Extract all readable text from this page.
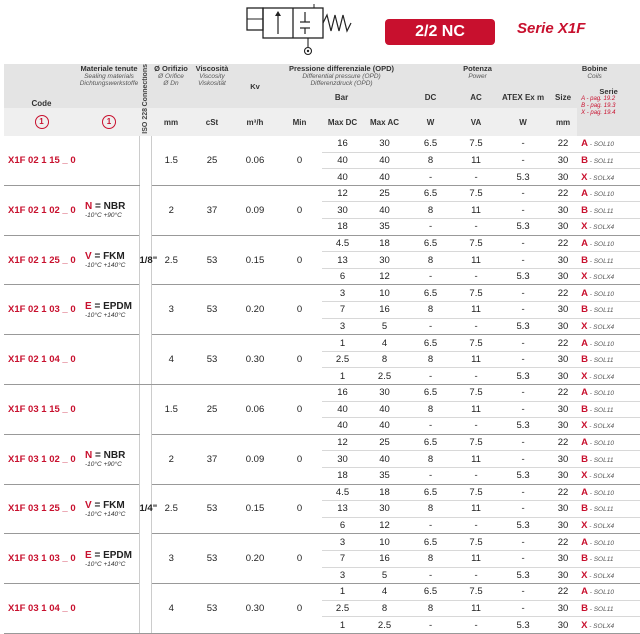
2/2 NC	Serie X1F
Code	Materiale tenute
Sealing materials
Dichtungswerkstoffe	Connections	Ø Orifizio
Ø Orifice
Ø Dn	Viscosità
Viscosity
Viskosität	Kv	Pressione differenziale (OPD)
Differential pressure (OPD)
Differenzdruck (OPD)			Potenza
Power			Bobine
Coils	

						Bar			DC	AC	ATEX Ex m	Size	Serie
A - pag. 19.2
B - pag. 19.3
X - pag. 19.4

1	1	ISO 228	mm	cSt	m³/h	Min	Max DC	Max AC	W	VA	W	mm	
X1F 02 1 15 _ 0		1/8"	1.5	25	0.06	0	16	30	6.5	7.5	-	22	A - SOL10
							40	40	8	11	-	30	B - SOL11
							40	40	-	-	5.3	30	X - SOLX4
X1F 02 1 02 _ 0	N = NBR
-10°C +90°C		2	37	0.09	0	12	25	6.5	7.5	-	22	A - SOL10
							30	40	8	11	-	30	B - SOL11
							18	35	-	-	5.3	30	X - SOLX4
X1F 02 1 25 _ 0	V = FKM
-10°C +140°C		2.5	53	0.15	0	4.5	18	6.5	7.5	-	22	A - SOL10
							13	30	8	11	-	30	B - SOL11
							6	12	-	-	5.3	30	X - SOLX4
X1F 02 1 03 _ 0	E = EPDM
-10°C +140°C		3	53	0.20	0	3	10	6.5	7.5	-	22	A - SOL10
							7	16	8	11	-	30	B - SOL11
							3	5	-	-	5.3	30	X - SOLX4
X1F 02 1 04 _ 0			4	53	0.30	0	1	4	6.5	7.5	-	22	A - SOL10
							2.5	8	8	11	-	30	B - SOL11
							1	2.5	-	-	5.3	30	X - SOLX4
X1F 03 1 15 _ 0		1/4"	1.5	25	0.06	0	16	30	6.5	7.5	-	22	A - SOL10
							40	40	8	11	-	30	B - SOL11
							40	40	-	-	5.3	30	X - SOLX4
X1F 03 1 02 _ 0	N = NBR
-10°C +90°C		2	37	0.09	0	12	25	6.5	7.5	-	22	A - SOL10
							30	40	8	11	-	30	B - SOL11
							18	35	-	-	5.3	30	X - SOLX4
X1F 03 1 25 _ 0	V = FKM
-10°C +140°C		2.5	53	0.15	0	4.5	18	6.5	7.5	-	22	A - SOL10
							13	30	8	11	-	30	B - SOL11
							6	12	-	-	5.3	30	X - SOLX4
X1F 03 1 03 _ 0	E = EPDM
-10°C +140°C		3	53	0.20	0	3	10	6.5	7.5	-	22	A - SOL10
							7	16	8	11	-	30	B - SOL11
							3	5	-	-	5.3	30	X - SOLX4
X1F 03 1 04 _ 0			4	53	0.30	0	1	4	6.5	7.5	-	22	A - SOL10
							2.5	8	8	11	-	30	B - SOL11
							1	2.5	-	-	5.3	30	X - SOLX4
